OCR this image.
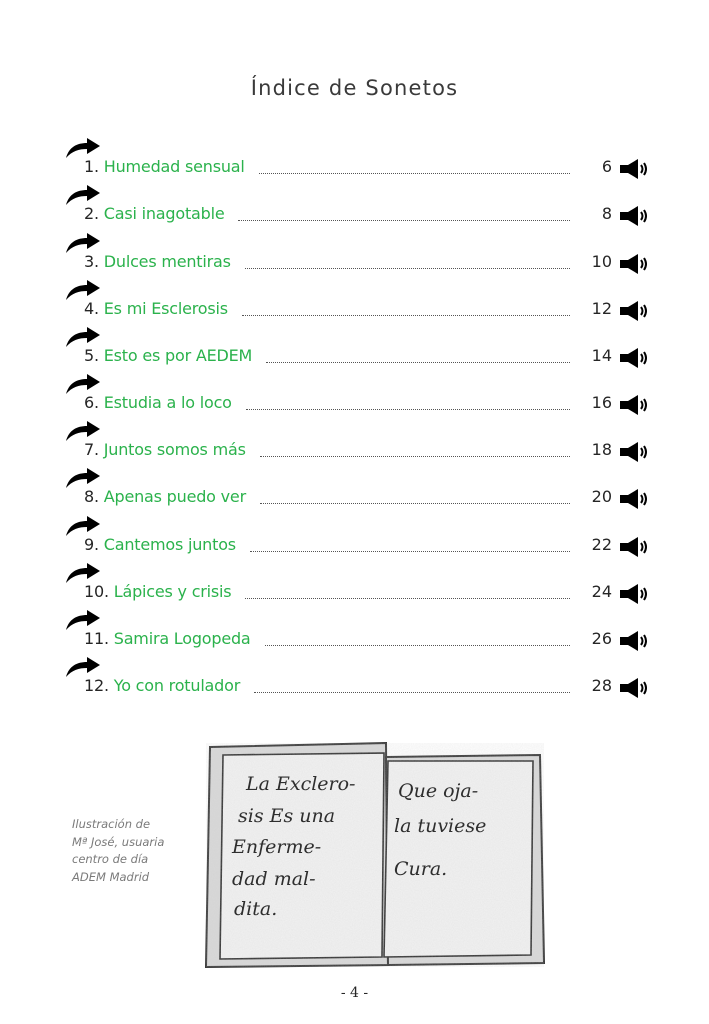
Índice de Sonetos
1. Humedad sensual	6
2. Casi inagotable	8
3. Dulces mentiras	10
4. Es mi Esclerosis	12
5. Esto es por AEDEM	14
6. Estudia a lo loco	16
7. Juntos somos más	18
8. Apenas puedo ver	20
9. Cantemos juntos	22
10. Lápices y crisis	24
11. Samira Logopeda	26
12. Yo con rotulador	28
La Exclero-
sis Es una
Enferme-
dad mal-
dita.
Que oja-
la tuviese
Cura.
Ilustración de
Mª José, usuaria
centro de día
ADEM Madrid
- 4 -
